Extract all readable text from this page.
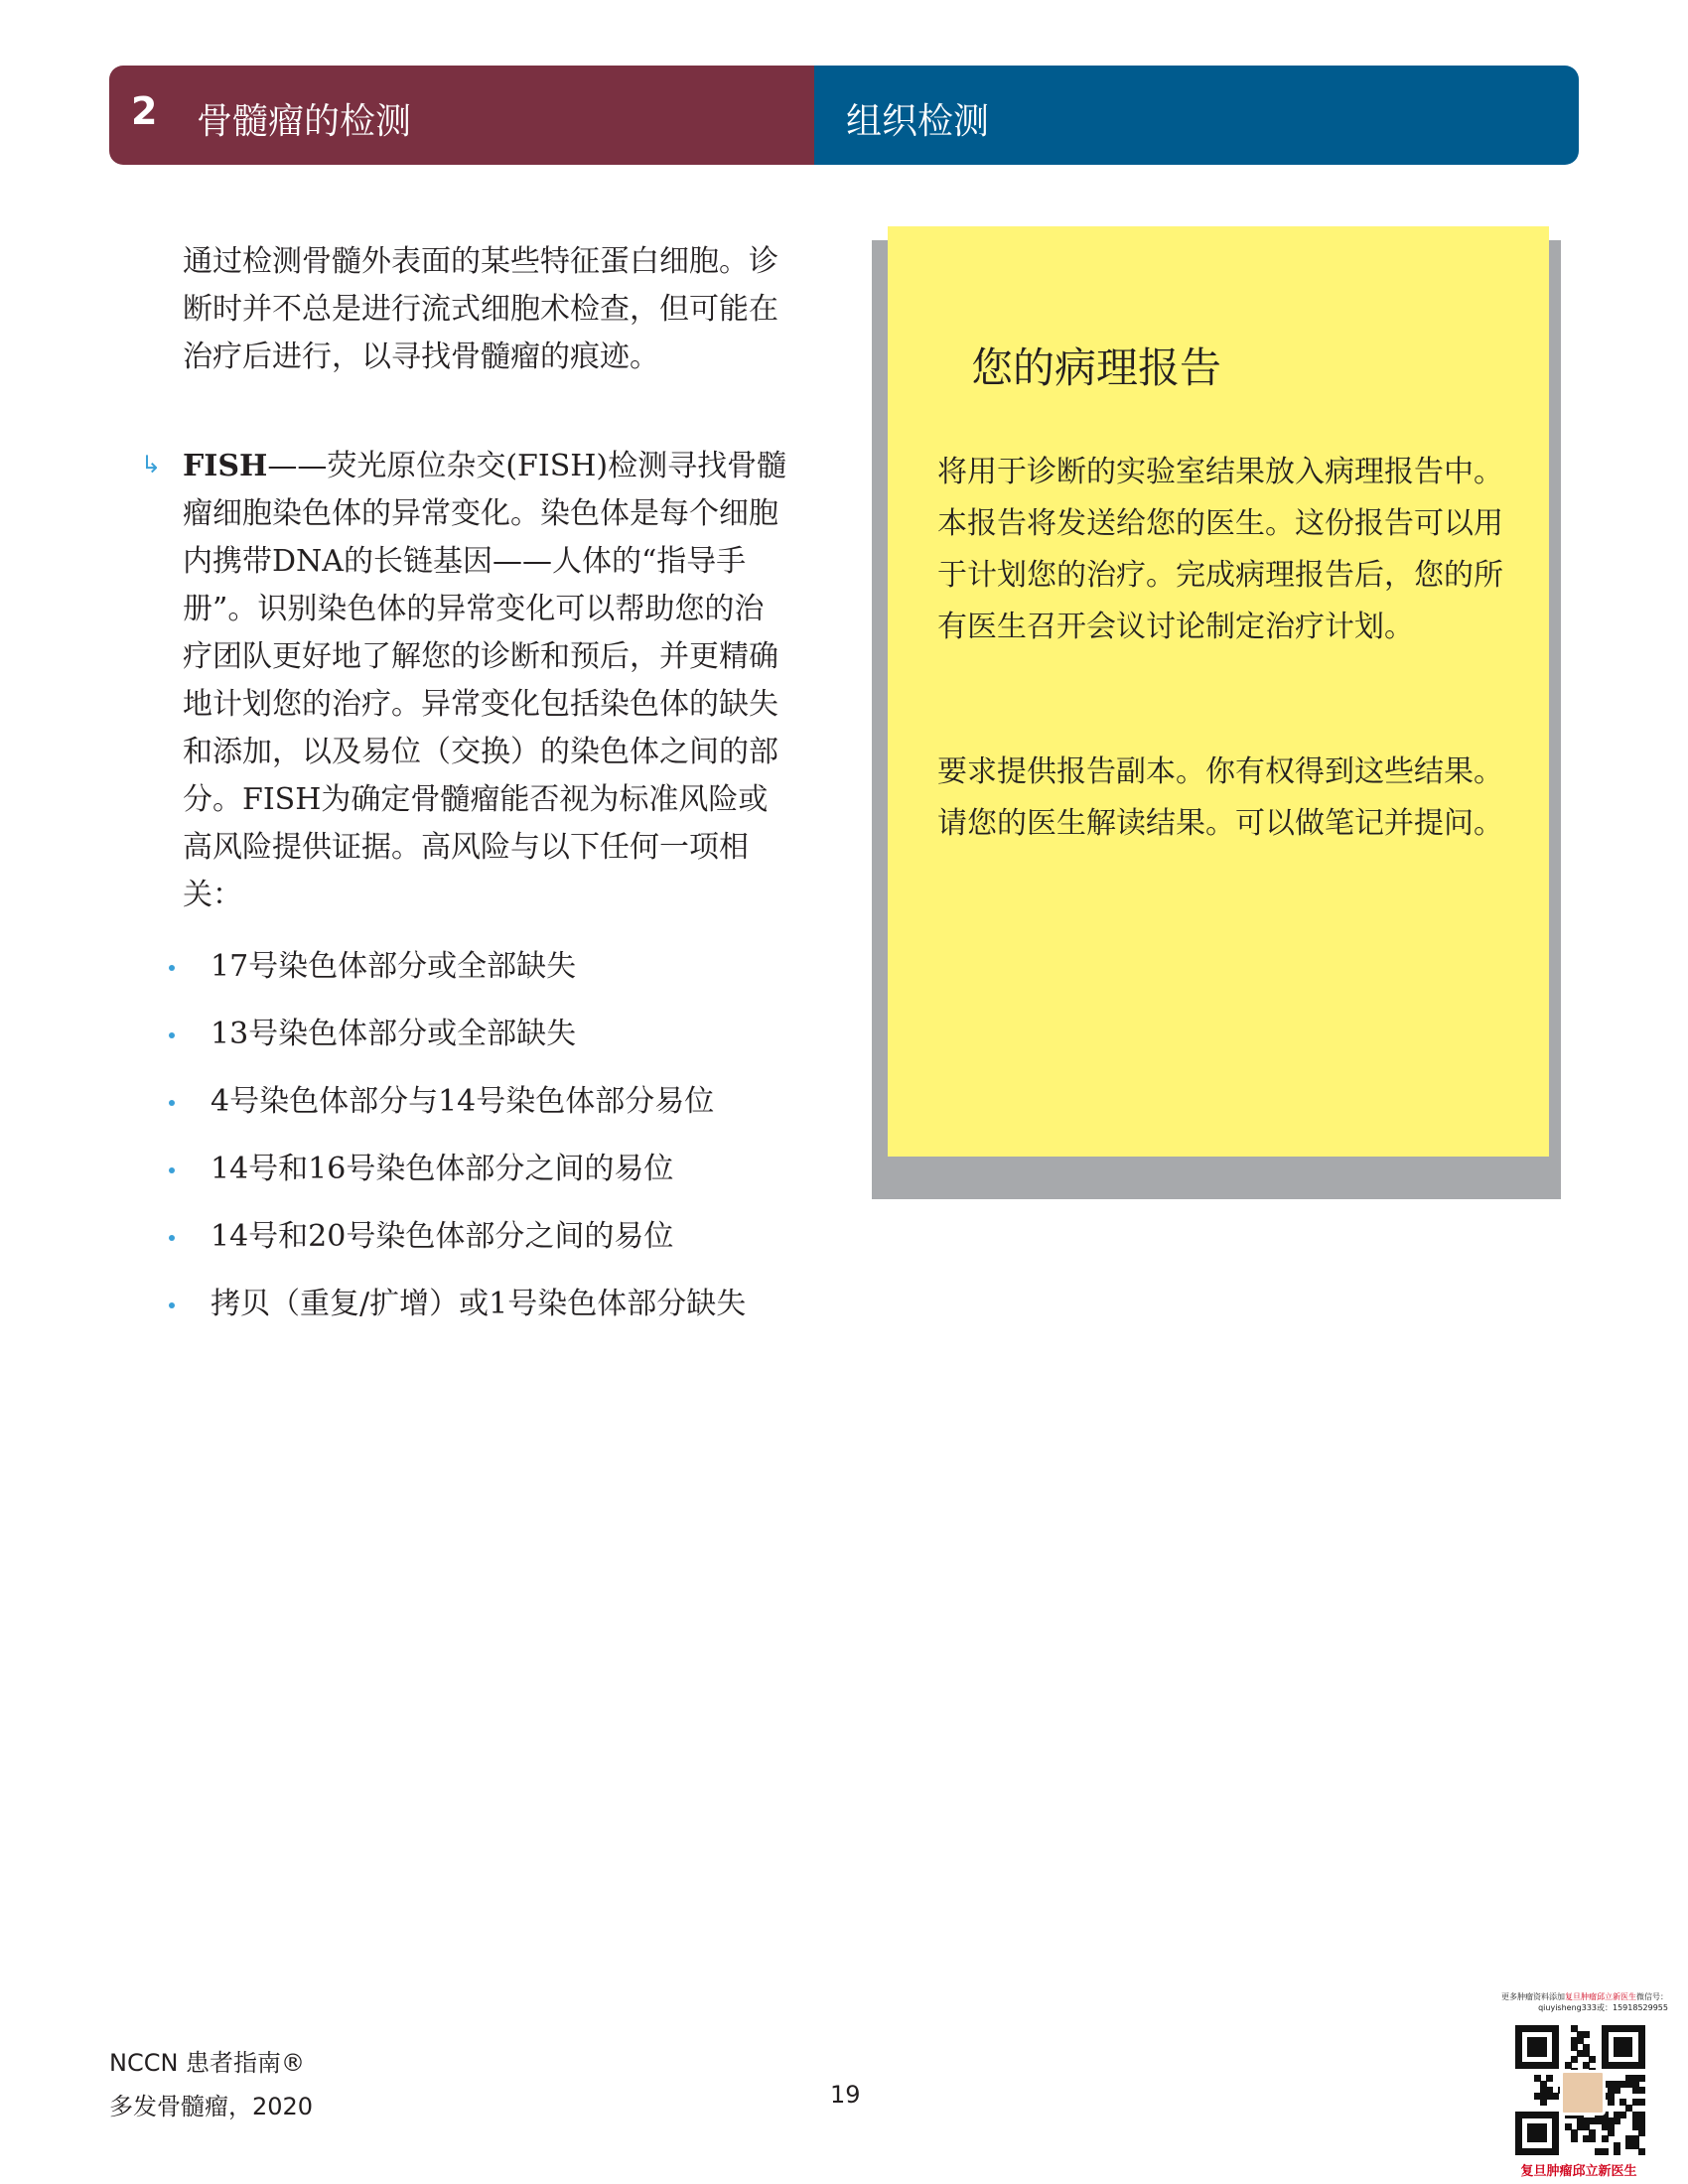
2 骨髓瘤的检测	组织检测

通过检测骨髓外表面的某些特征蛋白细胞。诊断时并不总是进行流式细胞术检查，但可能在治疗后进行，以寻找骨髓瘤的痕迹。

↳ FISH——荧光原位杂交(FISH)检测寻找骨髓瘤细胞染色体的异常变化。染色体是每个细胞内携带DNA的长链基因——人体的“指导手册”。识别染色体的异常变化可以帮助您的治疗团队更好地了解您的诊断和预后，并更精确地计划您的治疗。异常变化包括染色体的缺失和添加，以及易位（交换）的染色体之间的部分。FISH为确定骨髓瘤能否视为标准风险或高风险提供证据。高风险与以下任何一项相关：

17号染色体部分或全部缺失
13号染色体部分或全部缺失
4号染色体部分与14号染色体部分易位
14号和16号染色体部分之间的易位
14号和20号染色体部分之间的易位
拷贝（重复/扩增）或1号染色体部分缺失
您的病理报告

将用于诊断的实验室结果放入病理报告中。本报告将发送给您的医生。这份报告可以用于计划您的治疗。完成病理报告后，您的所有医生召开会议讨论制定治疗计划。

要求提供报告副本。你有权得到这些结果。请您的医生解读结果。可以做笔记并提问。

NCCN 患者指南®
多发骨髓瘤，2020	19
更多肿瘤资料添加复旦肿瘤邱立新医生微信号：
qiuyisheng333或：15918529955
复旦肿瘤邱立新医生
